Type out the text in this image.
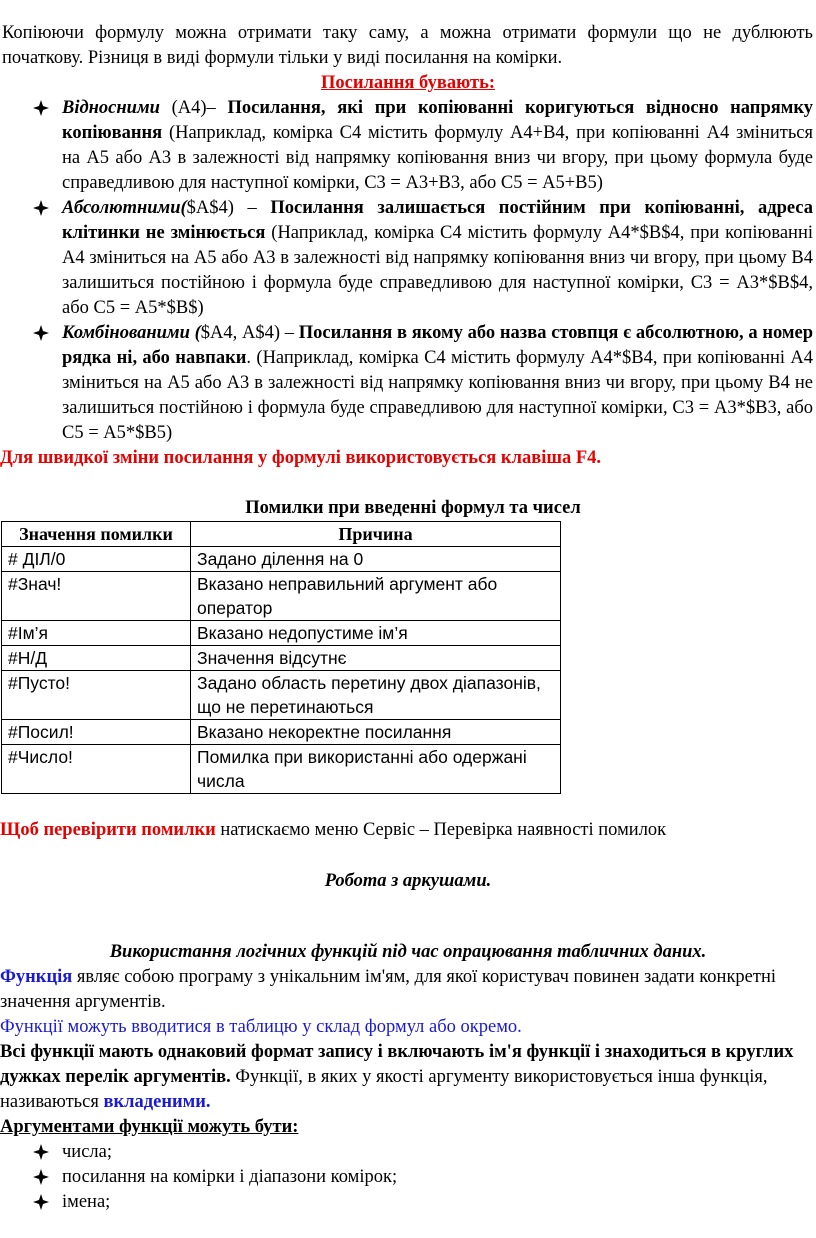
Копіюючи формулу можна отримати таку саму, а можна отримати формули що не дублюють початкову. Різниця в виді формули тільки у виді посилання на комірки.

Посилання бувають:

Відносними (А4)– Посилання, які при копіюванні коригуються відносно напрямку копіювання (Наприклад, комірка С4 містить формулу А4+В4, при копіюванні А4 зміниться на А5 або А3 в залежності від напрямку копіювання вниз чи вгору, при цьому формула буде справедливою для наступної комірки, С3 = А3+В3, або С5 = А5+В5)
Абсолютними($А$4) – Посилання залишається постійним при копіюванні, адреса клітинки не змінюється (Наприклад, комірка С4 містить формулу А4*$В$4, при копіюванні А4 зміниться на А5 або А3 в залежності від напрямку копіювання вниз чи вгору, при цьому В4 залишиться постійною і формула буде справедливою для наступної комірки, С3 = А3*$В$4, або С5 = А5*$В$)
Комбінованими ($А4, А$4) – Посилання в якому або назва стовпця є абсолютною, а номер рядка ні, або навпаки. (Наприклад, комірка С4 містить формулу А4*$В4, при копіюванні А4 зміниться на А5 або А3 в залежності від напрямку копіювання вниз чи вгору, при цьому В4 не залишиться постійною і формула буде справедливою для наступної комірки, С3 = А3*$В3, або С5 = А5*$В5)

Для швидкої зміни посилання у формулі використовується клавіша F4.

Помилки при введенні формул та чисел

Значення помилки	Причина
# ДІЛ/0	Задано ділення на 0
#Знач!	Вказано неправильний аргумент або оператор
#Ім’я	Вказано недопустиме ім’я
#Н/Д	Значення відсутнє
#Пусто!	Задано область перетину двох діапазонів, що не перетинаються
#Посил!	Вказано некоректне посилання
#Число!	Помилка при використанні або одержані числа

Щоб перевірити помилки натискаємо меню Сервіс – Перевірка наявності помилок

Робота з аркушами.

Використання логічних функцій під час опрацювання табличних даних.

Функція являє собою програму з унікальним ім'ям, для якої користувач повинен задати конкретні значення аргументів.

Функції можуть вводитися в таблицю у склад формул або окремо.

Всі функції мають однаковий формат запису і включають ім'я функції і знаходиться в круглих дужках перелік аргументів. Функції, в яких у якості аргументу використовується інша функція, називаються вкладеними.

Аргументами функції можуть бути:

числа;
посилання на комірки і діапазони комірок;
імена;
